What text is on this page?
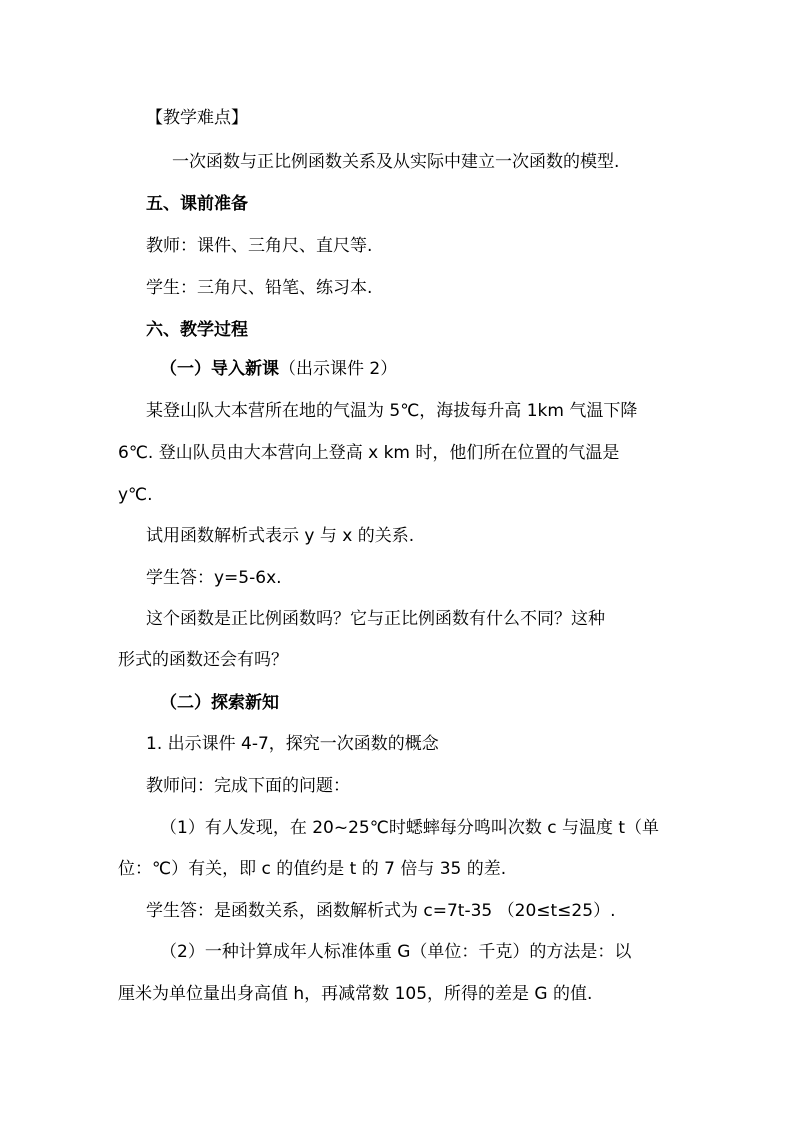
【教学难点】
一次函数与正比例函数关系及从实际中建立一次函数的模型.
五、课前准备
教师：课件、三角尺、直尺等.
学生：三角尺、铅笔、练习本.
六、教学过程
（一）导入新课（出示课件 2）
某登山队大本营所在地的气温为 5℃，海拔每升高 1km 气温下降
6℃. 登山队员由大本营向上登高 x km 时，他们所在位置的气温是
y℃.
试用函数解析式表示 y 与 x 的关系.
学生答：y=5-6x.
这个函数是正比例函数吗？它与正比例函数有什么不同？这种
形式的函数还会有吗？
（二）探索新知
1. 出示课件 4-7，探究一次函数的概念
教师问：完成下面的问题：
（1）有人发现，在 20~25℃时蟋蟀每分鸣叫次数 c 与温度 t（单
位：℃）有关，即 c 的值约是 t 的 7 倍与 35 的差.
学生答：是函数关系，函数解析式为 c=7t-35 （20≤t≤25）.
（2）一种计算成年人标准体重 G（单位：千克）的方法是：以
厘米为单位量出身高值 h，再减常数 105，所得的差是 G 的值.
